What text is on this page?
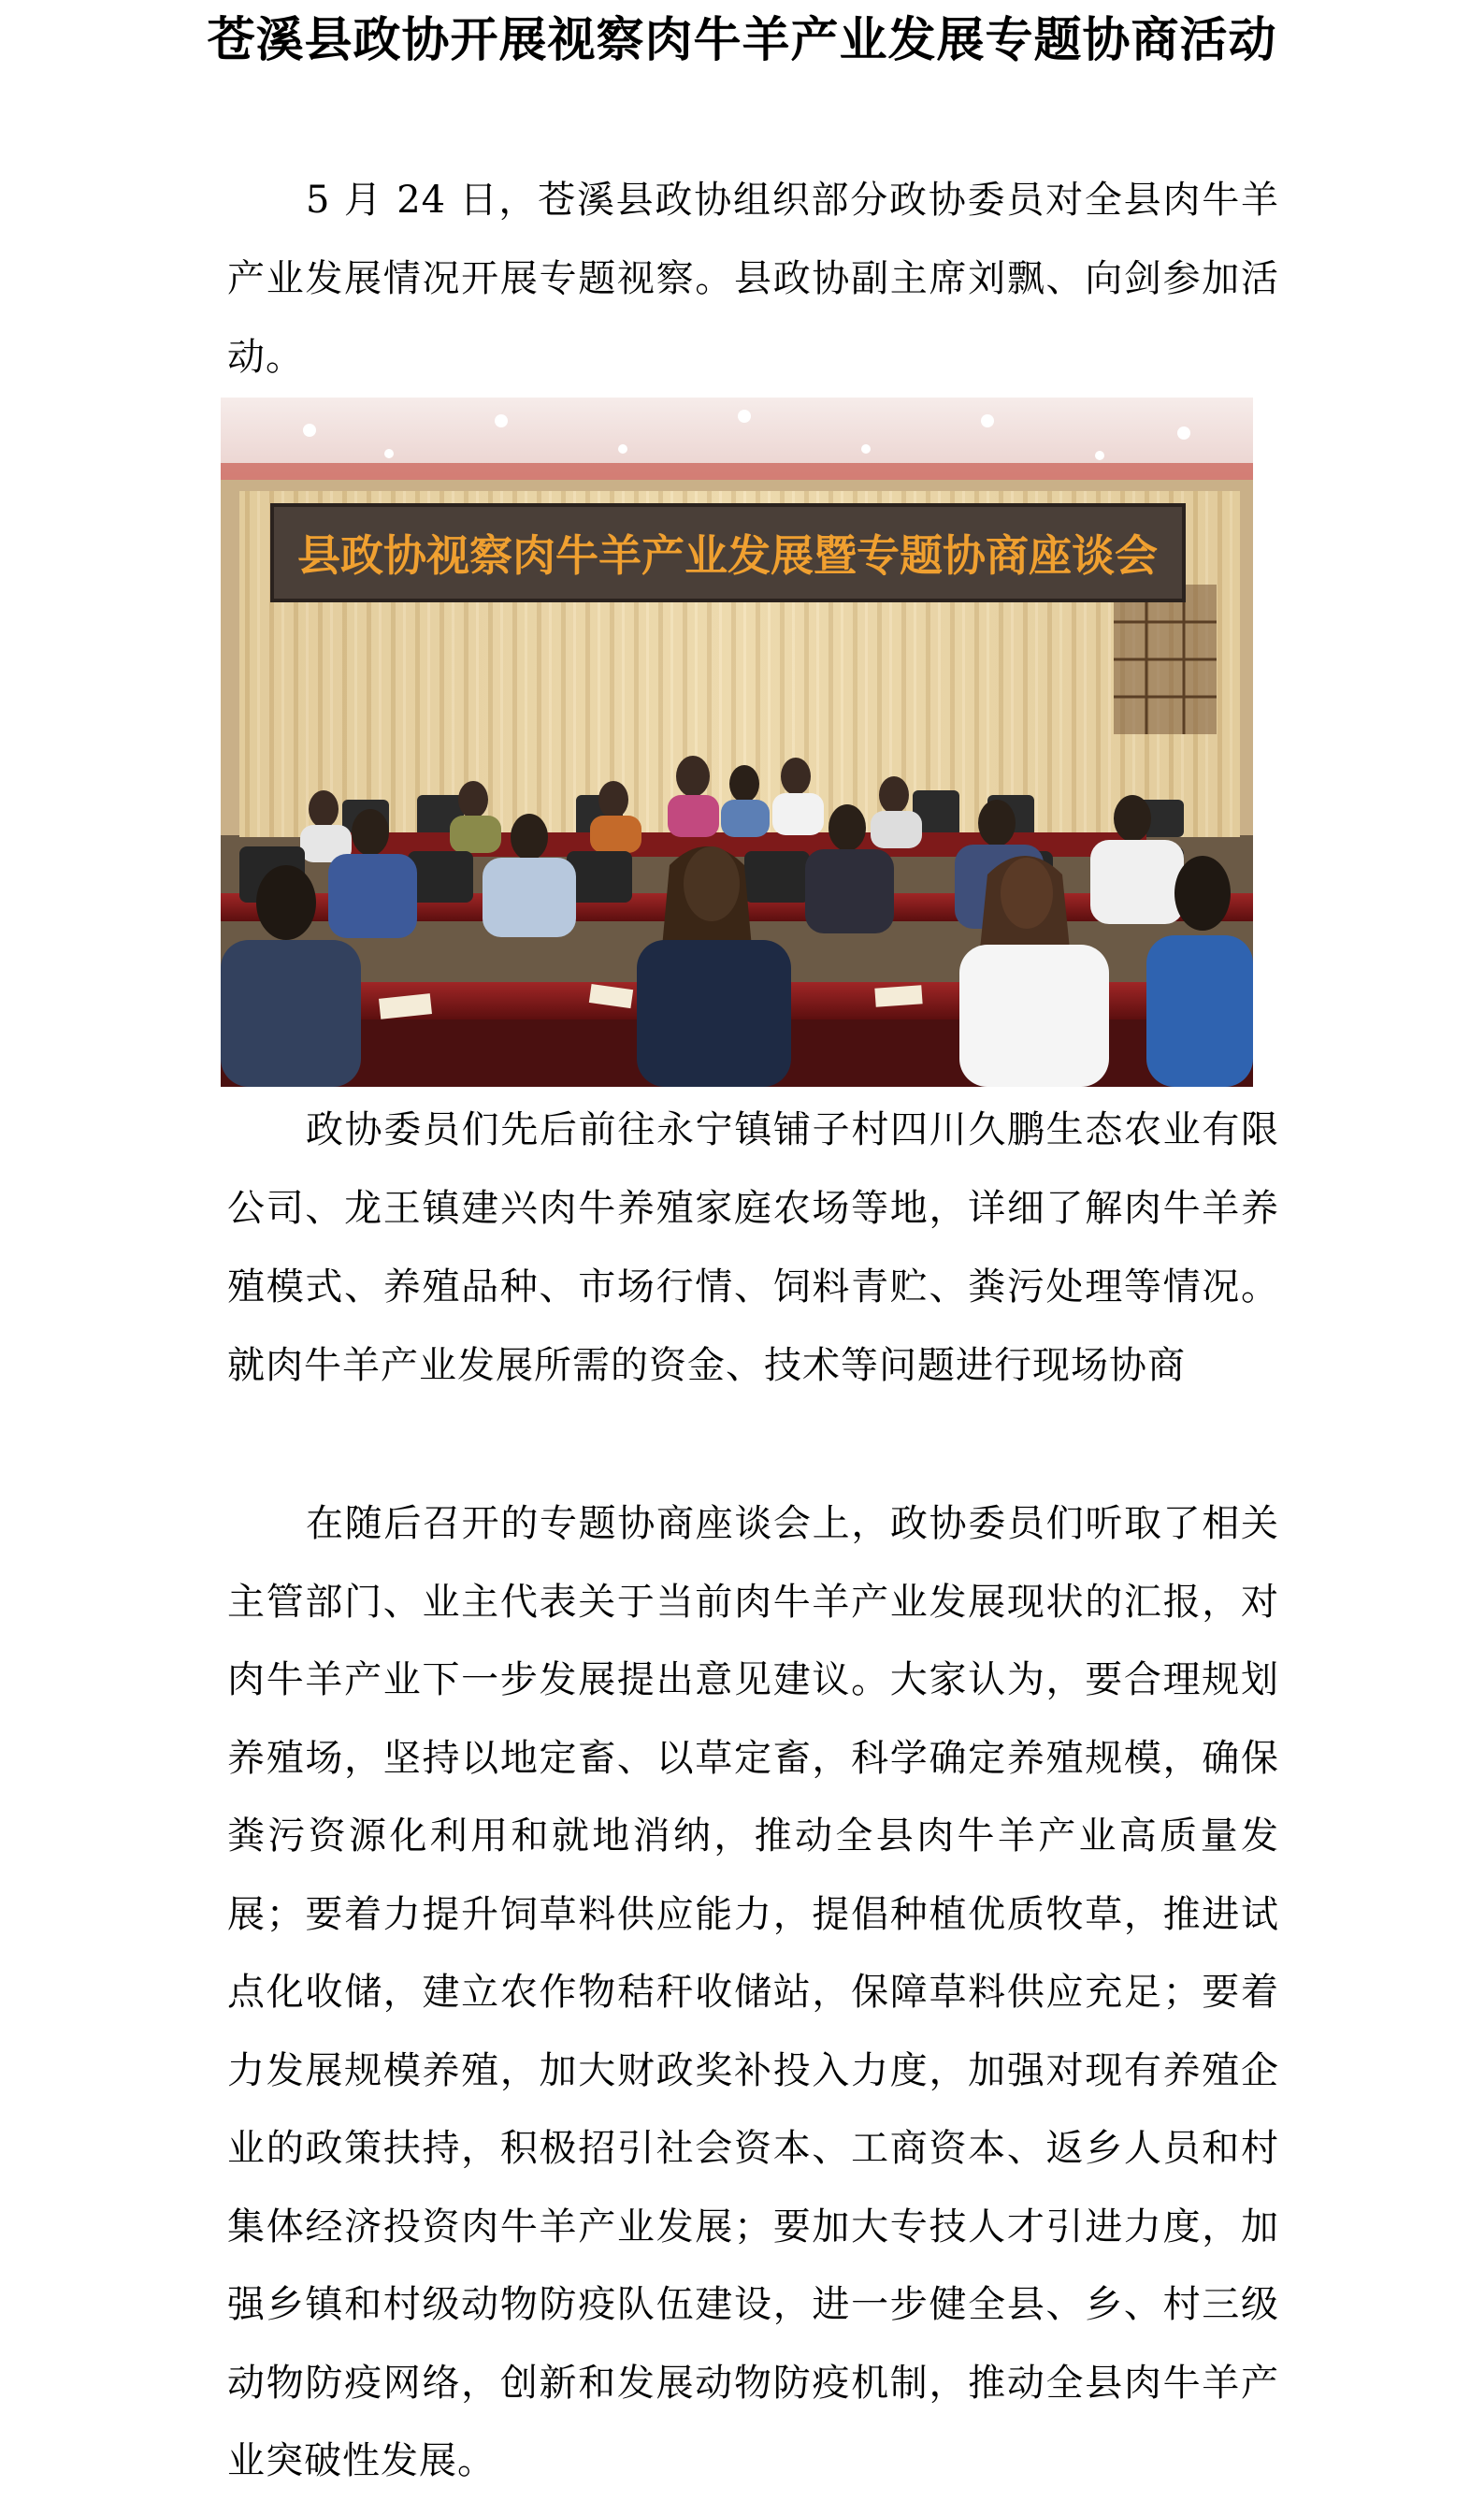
苍溪县政协开展视察肉牛羊产业发展专题协商活动

5 月 24 日，苍溪县政协组织部分政协委员对全县肉牛羊产业发展情况开展专题视察。县政协副主席刘飘、向剑参加活动。

县政协视察肉牛羊产业发展暨专题协商座谈会

政协委员们先后前往永宁镇铺子村四川久鹏生态农业有限公司、龙王镇建兴肉牛养殖家庭农场等地，详细了解肉牛羊养殖模式、养殖品种、市场行情、饲料青贮、粪污处理等情况。就肉牛羊产业发展所需的资金、技术等问题进行现场协商

在随后召开的专题协商座谈会上，政协委员们听取了相关主管部门、业主代表关于当前肉牛羊产业发展现状的汇报，对肉牛羊产业下一步发展提出意见建议。大家认为，要合理规划养殖场，坚持以地定畜、以草定畜，科学确定养殖规模，确保粪污资源化利用和就地消纳，推动全县肉牛羊产业高质量发展；要着力提升饲草料供应能力，提倡种植优质牧草，推进试点化收储，建立农作物秸秆收储站，保障草料供应充足；要着力发展规模养殖，加大财政奖补投入力度，加强对现有养殖企业的政策扶持，积极招引社会资本、工商资本、返乡人员和村集体经济投资肉牛羊产业发展；要加大专技人才引进力度，加强乡镇和村级动物防疫队伍建设，进一步健全县、乡、村三级动物防疫网络，创新和发展动物防疫机制，推动全县肉牛羊产业突破性发展。
